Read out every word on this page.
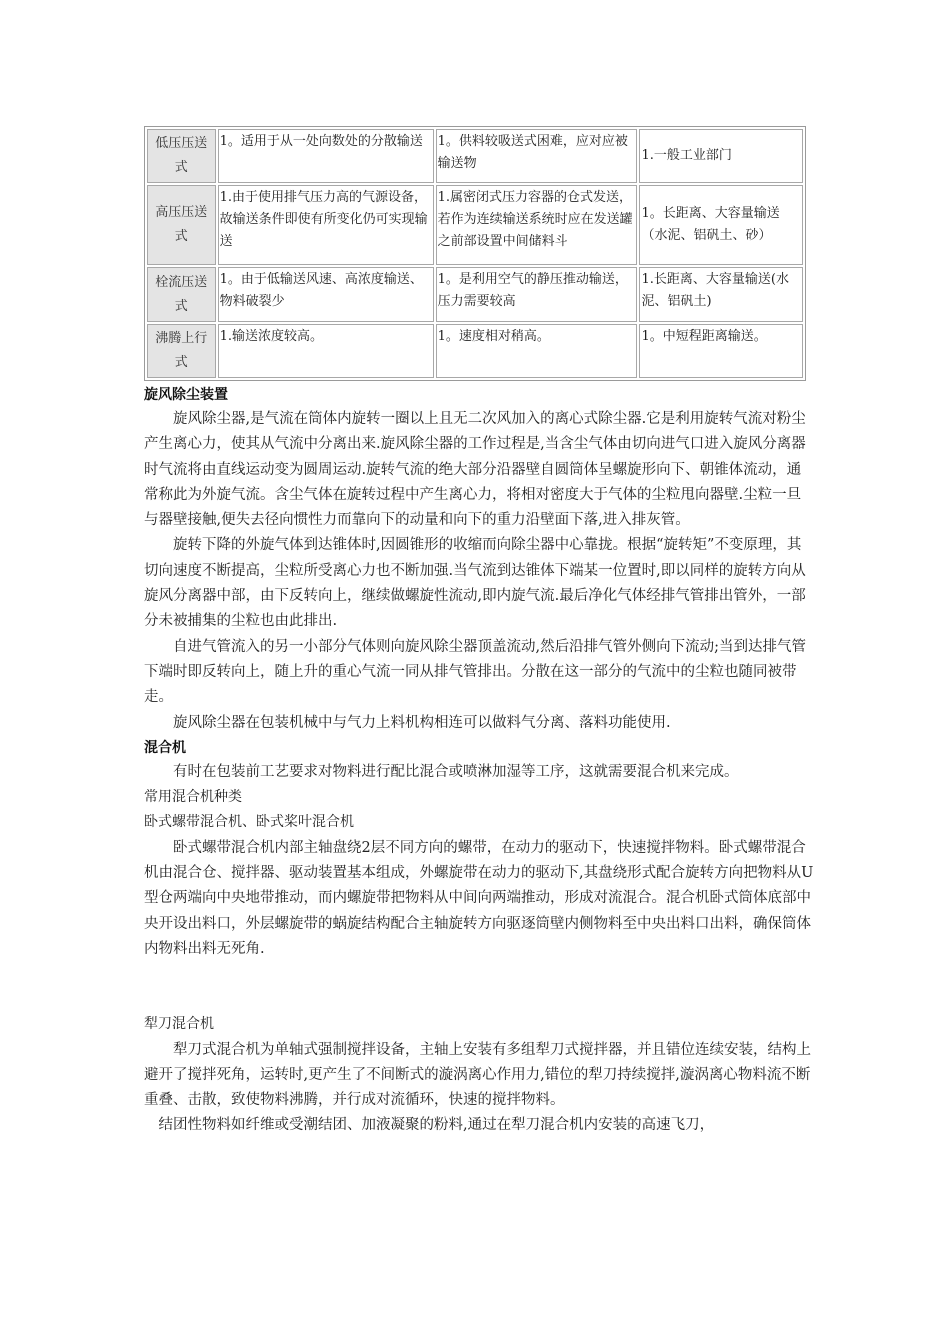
低压压送式	1。适用于从一处向数处的分散输送	1。供料较吸送式困难，应对应被输送物	1.一般工业部门
高压压送式	1.由于使用排气压力高的气源设备，故输送条件即使有所变化仍可实现输送	1.属密闭式压力容器的仓式发送，若作为连续输送系统时应在发送罐之前部设置中间储料斗	1。长距离、大容量输送（水泥、铝矾土、砂）
栓流压送式	1。由于低输送风速、高浓度输送、物料破裂少	1。是利用空气的静压推动输送，压力需要较高	1.长距离、大容量输送(水泥、铝矾土)
沸腾上行式	1.输送浓度较高。	1。速度相对稍高。	1。中短程距离输送。
旋风除尘装置

旋风除尘器,是气流在筒体内旋转一圈以上且无二次风加入的离心式除尘器.它是利用旋转气流对粉尘产生离心力，使其从气流中分离出来.旋风除尘器的工作过程是,当含尘气体由切向进气口进入旋风分离器时气流将由直线运动变为圆周运动.旋转气流的绝大部分沿器壁自圆筒体呈螺旋形向下、朝锥体流动，通常称此为外旋气流。含尘气体在旋转过程中产生离心力，将相对密度大于气体的尘粒甩向器壁.尘粒一旦与器壁接触,便失去径向惯性力而靠向下的动量和向下的重力沿壁面下落,进入排灰管。

旋转下降的外旋气体到达锥体时,因圆锥形的收缩而向除尘器中心靠拢。根据“旋转矩”不变原理，其切向速度不断提高，尘粒所受离心力也不断加强.当气流到达锥体下端某一位置时,即以同样的旋转方向从旋风分离器中部，由下反转向上，继续做螺旋性流动,即内旋气流.最后净化气体经排气管排出管外，一部分未被捕集的尘粒也由此排出.

自进气管流入的另一小部分气体则向旋风除尘器顶盖流动,然后沿排气管外侧向下流动;当到达排气管下端时即反转向上，随上升的重心气流一同从排气管排出。分散在这一部分的气流中的尘粒也随同被带走。

旋风除尘器在包装机械中与气力上料机构相连可以做料气分离、落料功能使用.

混合机

有时在包装前工艺要求对物料进行配比混合或喷淋加湿等工序，这就需要混合机来完成。

常用混合机种类

卧式螺带混合机、卧式桨叶混合机

卧式螺带混合机内部主轴盘绕2层不同方向的螺带，在动力的驱动下，快速搅拌物料。卧式螺带混合机由混合仓、搅拌器、驱动装置基本组成，外螺旋带在动力的驱动下,其盘绕形式配合旋转方向把物料从U型仓两端向中央地带推动，而内螺旋带把物料从中间向两端推动，形成对流混合。混合机卧式筒体底部中央开设出料口，外层螺旋带的蜗旋结构配合主轴旋转方向驱逐筒壁内侧物料至中央出料口出料，确保筒体内物料出料无死角.

犁刀混合机

犁刀式混合机为单轴式强制搅拌设备，主轴上安装有多组犁刀式搅拌器，并且错位连续安装，结构上避开了搅拌死角，运转时,更产生了不间断式的漩涡离心作用力,错位的犁刀持续搅拌,漩涡离心物料流不断重叠、击散，致使物料沸腾，并行成对流循环，快速的搅拌物料。

结团性物料如纤维或受潮结团、加液凝聚的粉料,通过在犁刀混合机内安装的高速飞刀，
